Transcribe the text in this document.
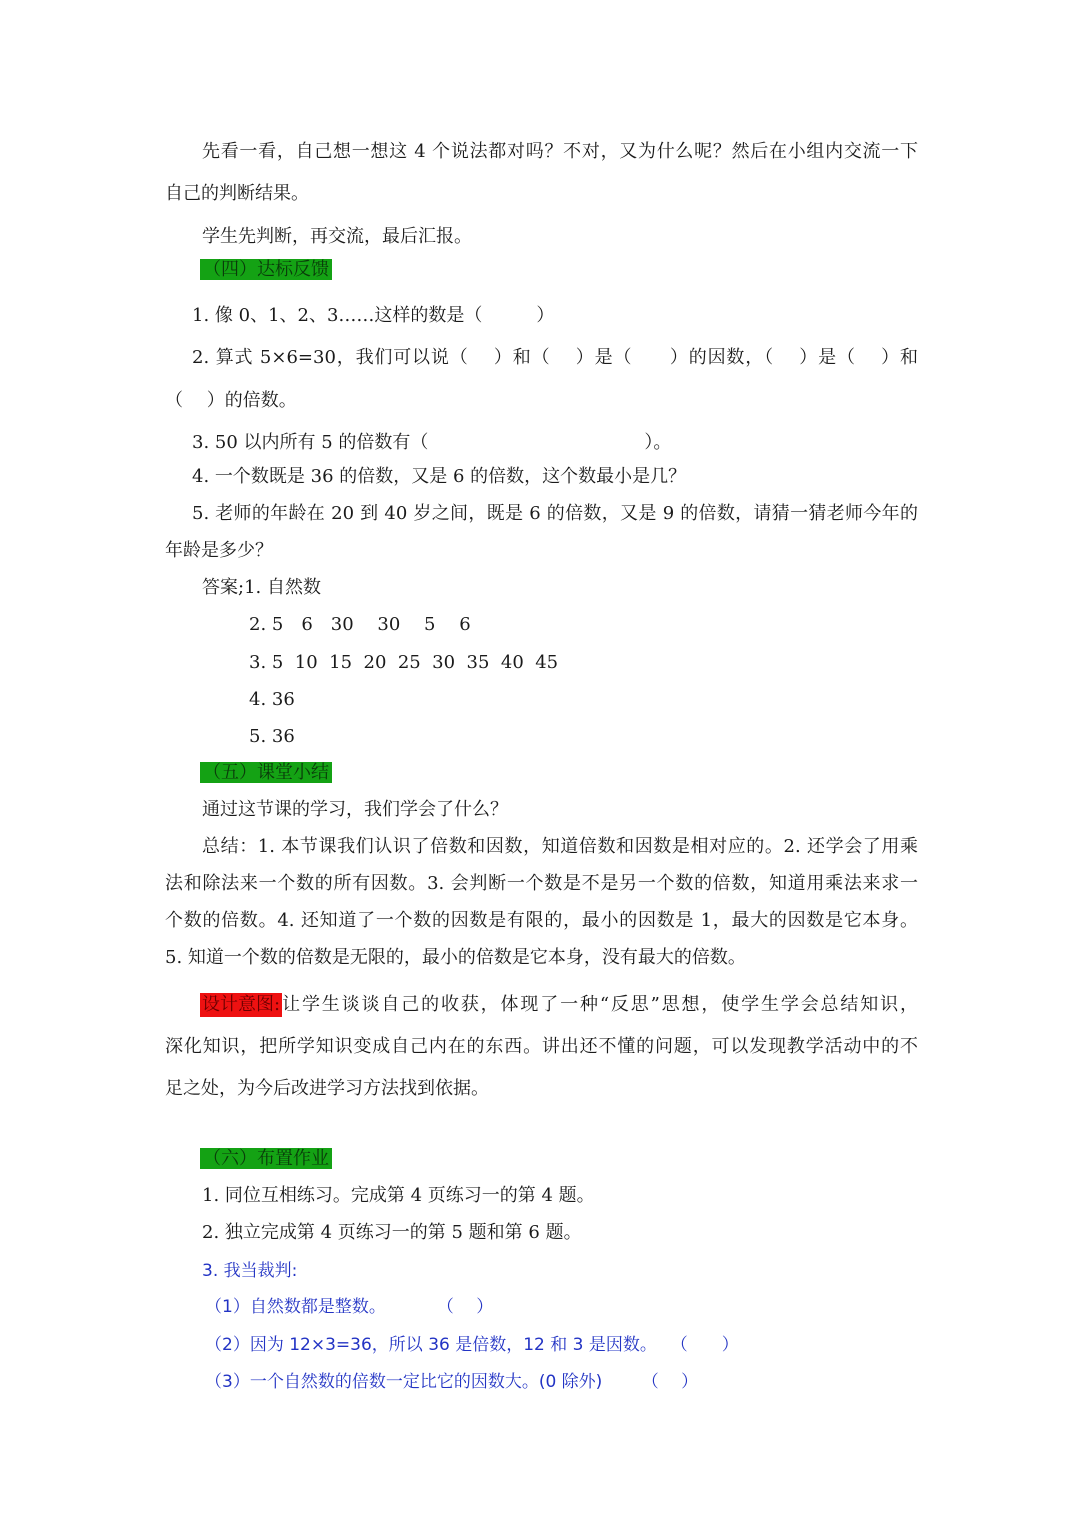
先看一看，自己想一想这 4 个说法都对吗？不对，又为什么呢？然后在小组内交流一下
自己的判断结果。
学生先判断，再交流，最后汇报。
（四）达标反馈
1. 像 0、1、2、3……这样的数是（　　　）
2. 算式 5×6=30，我们可以说（　 ）和（　 ）是（　　）的因数，（　 ）是（　 ）和
（　 ）的倍数。
3. 50 以内所有 5 的倍数有（　　　　　　　　　　　　）。
4. 一个数既是 36 的倍数，又是 6 的倍数，这个数最小是几？
5. 老师的年龄在 20 到 40 岁之间，既是 6 的倍数，又是 9 的倍数，请猜一猜老师今年的
年龄是多少？
答案;1. 自然数
2. 5　6　30　 30　 5　 6
3. 5  10  15  20  25  30  35  40  45
4. 36
5. 36
（五）课堂小结
通过这节课的学习，我们学会了什么？
总结：1. 本节课我们认识了倍数和因数，知道倍数和因数是相对应的。2. 还学会了用乘
法和除法来一个数的所有因数。3. 会判断一个数是不是另一个数的倍数，知道用乘法来求一
个数的倍数。4. 还知道了一个数的因数是有限的，最小的因数是 1，最大的因数是它本身。
5. 知道一个数的倍数是无限的，最小的倍数是它本身，没有最大的倍数。
设计意图: 让学生谈谈自己的收获，体现了一种“反思”思想，使学生学会总结知识，
深化知识，把所学知识变成自己内在的东西。讲出还不懂的问题，可以发现教学活动中的不
足之处，为今后改进学习方法找到依据。
（六）布置作业
1. 同位互相练习。完成第 4 页练习一的第 4 题。
2. 独立完成第 4 页练习一的第 5 题和第 6 题。
3. 我当裁判:
（1）自然数都是整数。　　　　（　 ）
（2）因为 12×3=36，所以 36 是倍数，12 和 3 是因数。　 （　　）
（3）一个自然数的倍数一定比它的因数大。(0 除外)　　 （　 ）
